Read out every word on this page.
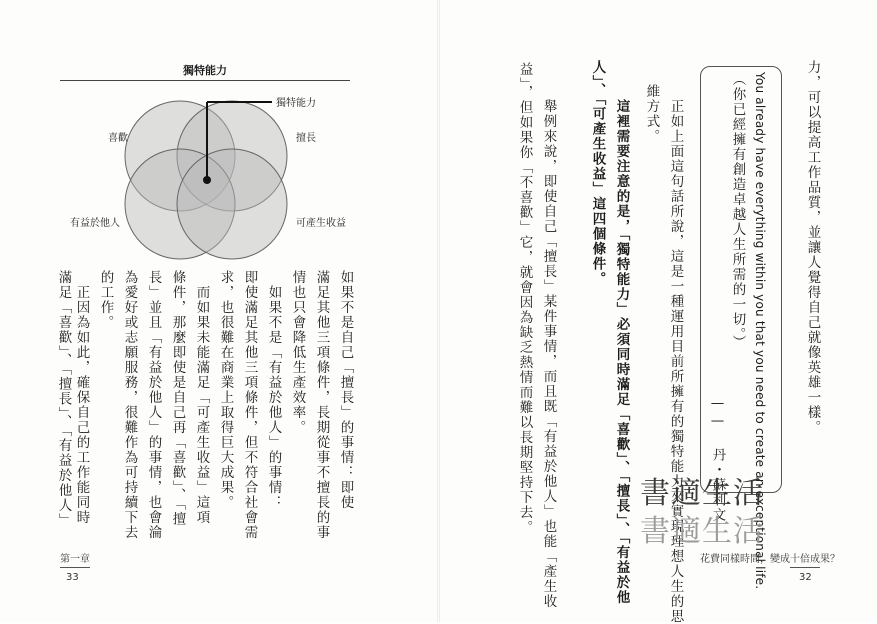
獨特能力
獨特能力
喜歡	擅長
有益於他人	可產生收益
如果不是自己「擅長」的事情：即使
滿足其他三項條件，長期從事不擅長的事
情也只會降低生產效率。
　如果不是「有益於他人」的事情：
即使滿足其他三項條件，但不符合社會需
求，也很難在商業上取得巨大成果。
　而如果未能滿足「可產生收益」這項
條件，那麼即使是自己再「喜歡」、「擅
長」並且「有益於他人」的事情，也會淪
為愛好或志願服務，很難作為可持續下去
的工作。
　正因為如此，確保自己的工作能同時
滿足「喜歡」、「擅長」、「有益於他人」
第一章
33
力，可以提高工作品質，並讓人覺得自己就像英雄一樣。
You already have everything within you that you need to create an exceptional life.
（你已經擁有創造卓越人生所需的一切。）
—— 丹・蘇利文
　正如上面這句話所說，這是一種運用目前所擁有的獨特能力來實現理想人生的思
維方式。
　這裡需要注意的是，「獨特能力」必須同時滿足「喜歡」、「擅長」、「有益於他
人」、「可產生收益」這四個條件。
　舉例來說，即使自己「擅長」某件事情，而且既「有益於他人」也能「產生收
益」，但如果你「不喜歡」它，就會因為缺乏熱情而難以長期堅持下去。	書適生活
書適生活
花費同樣時間，變成十倍成果？
32
